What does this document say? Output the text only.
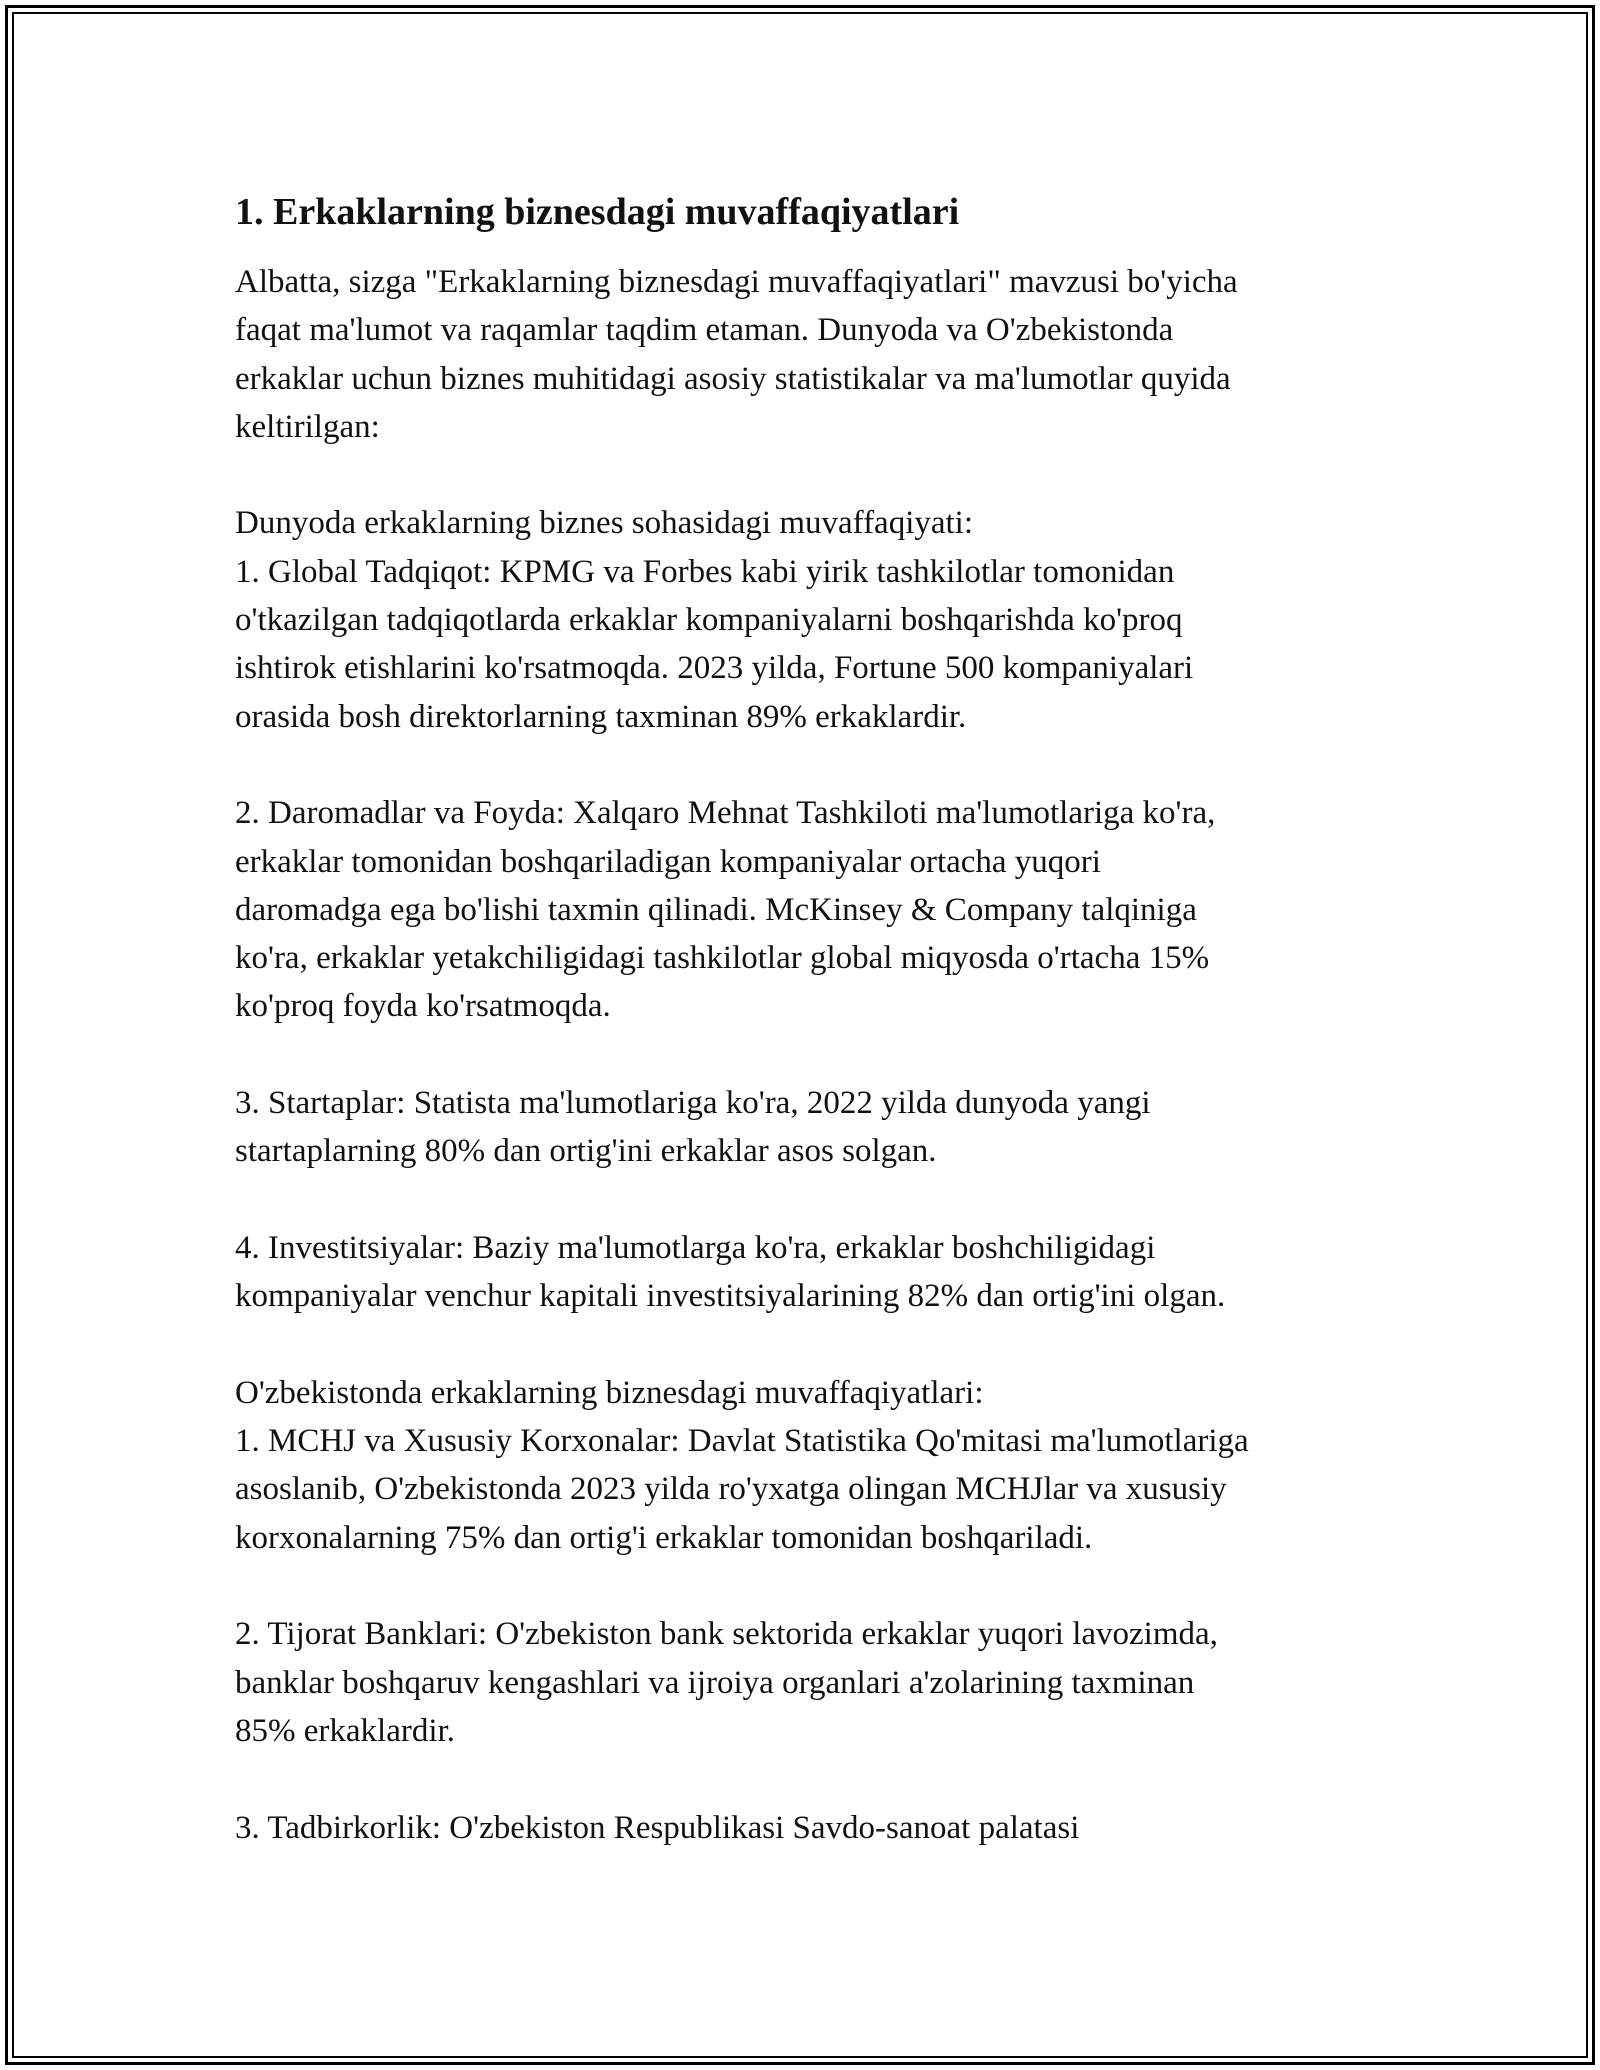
1. Erkaklarning biznesdagi muvaffaqiyatlari
Albatta, sizga "Erkaklarning biznesdagi muvaffaqiyatlari" mavzusi bo'yicha
faqat ma'lumot va raqamlar taqdim etaman. Dunyoda va O'zbekistonda
erkaklar uchun biznes muhitidagi asosiy statistikalar va ma'lumotlar quyida
keltirilgan:
Dunyoda erkaklarning biznes sohasidagi muvaffaqiyati:
1. Global Tadqiqot: KPMG va Forbes kabi yirik tashkilotlar tomonidan
o'tkazilgan tadqiqotlarda erkaklar kompaniyalarni boshqarishda ko'proq
ishtirok etishlarini ko'rsatmoqda. 2023 yilda, Fortune 500 kompaniyalari
orasida bosh direktorlarning taxminan 89% erkaklardir.
2. Daromadlar va Foyda: Xalqaro Mehnat Tashkiloti ma'lumotlariga ko'ra,
erkaklar tomonidan boshqariladigan kompaniyalar ortacha yuqori
daromadga ega bo'lishi taxmin qilinadi. McKinsey & Company talqiniga
ko'ra, erkaklar yetakchiligidagi tashkilotlar global miqyosda o'rtacha 15%
ko'proq foyda ko'rsatmoqda.
3. Startaplar: Statista ma'lumotlariga ko'ra, 2022 yilda dunyoda yangi
startaplarning 80% dan ortig'ini erkaklar asos solgan.
4. Investitsiyalar: Baziy ma'lumotlarga ko'ra, erkaklar boshchiligidagi
kompaniyalar venchur kapitali investitsiyalarining 82% dan ortig'ini olgan.
O'zbekistonda erkaklarning biznesdagi muvaffaqiyatlari:
1. MCHJ va Xususiy Korxonalar: Davlat Statistika Qo'mitasi ma'lumotlariga
asoslanib, O'zbekistonda 2023 yilda ro'yxatga olingan MCHJlar va xususiy
korxonalarning 75% dan ortig'i erkaklar tomonidan boshqariladi.
2. Tijorat Banklari: O'zbekiston bank sektorida erkaklar yuqori lavozimda,
banklar boshqaruv kengashlari va ijroiya organlari a'zolarining taxminan
85% erkaklardir.
3. Tadbirkorlik: O'zbekiston Respublikasi Savdo-sanoat palatasi
